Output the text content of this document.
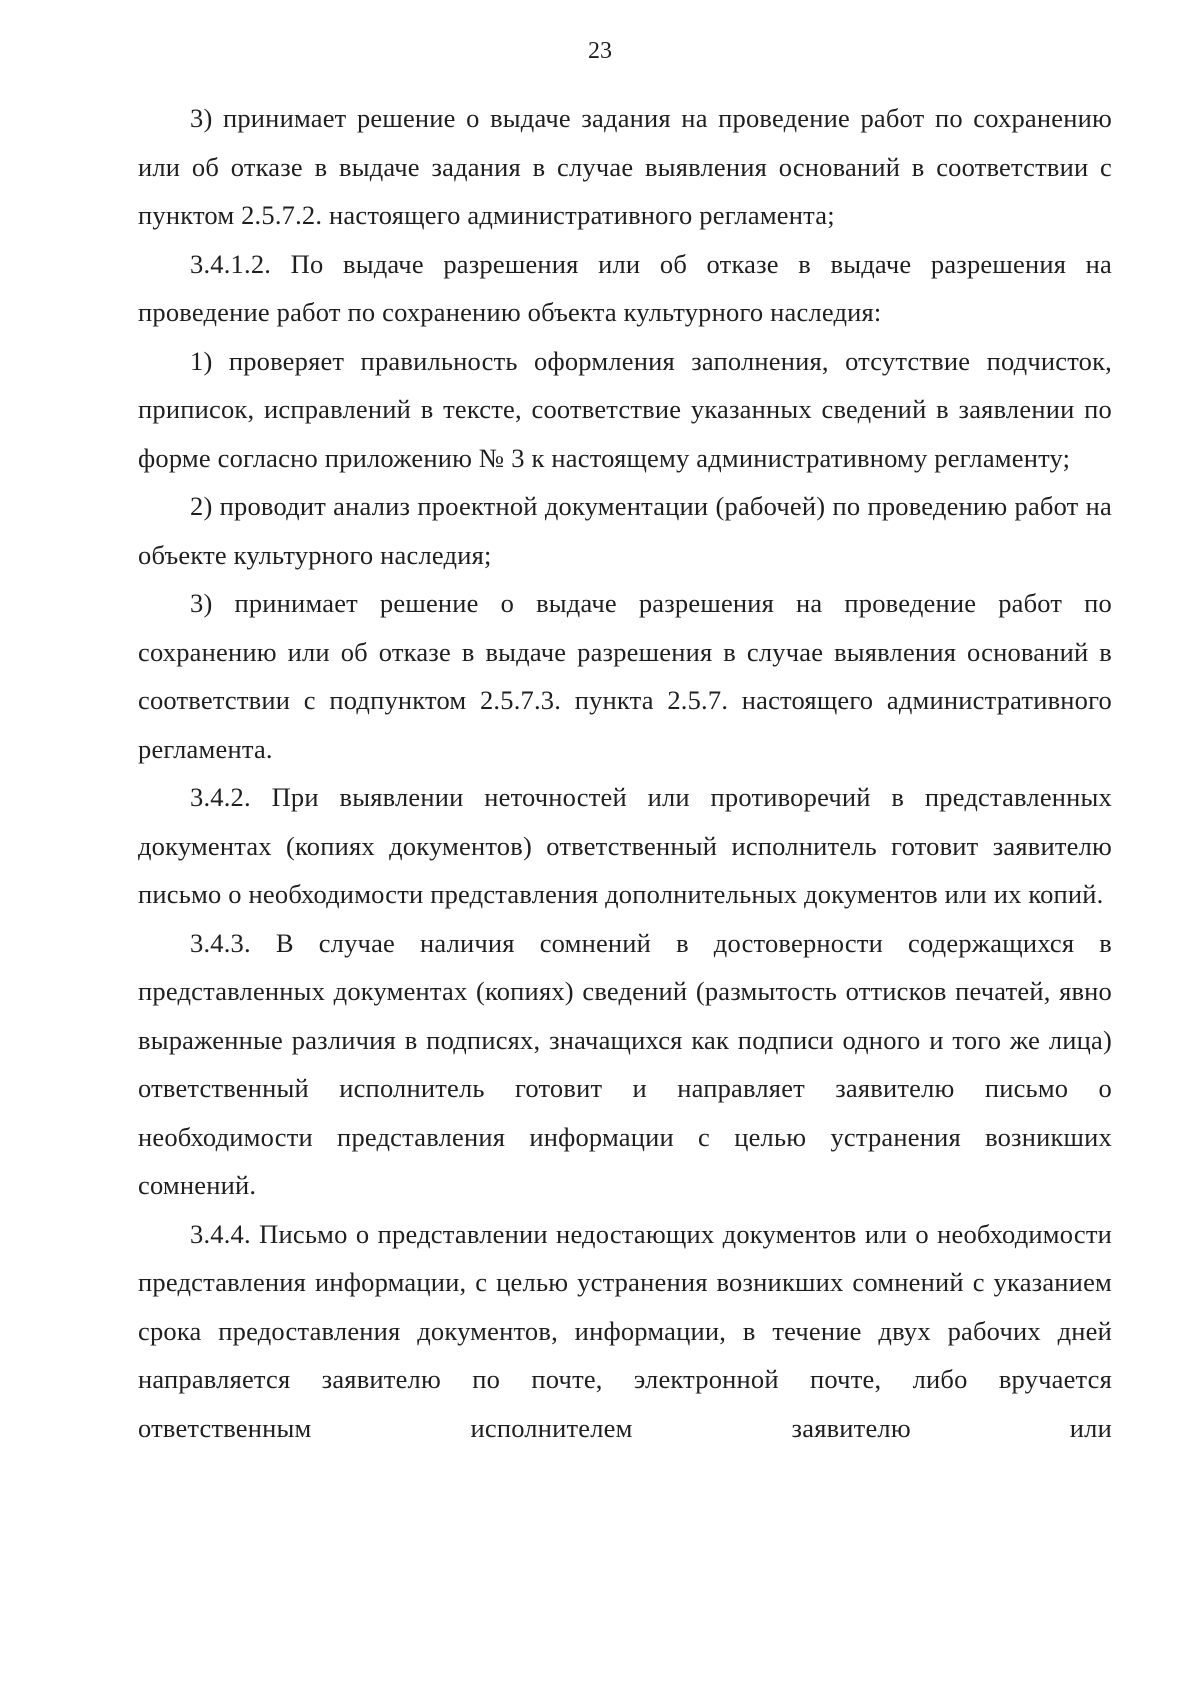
23

3) принимает решение о выдаче задания на проведение работ по сохранению или об отказе в выдаче задания в случае выявления оснований в соответствии с пунктом 2.5.7.2. настоящего административного регламента;

3.4.1.2. По выдаче разрешения или об отказе в выдаче разрешения на проведение работ по сохранению объекта культурного наследия:

1) проверяет правильность оформления заполнения, отсутствие подчисток, приписок, исправлений в тексте, соответствие указанных сведений в заявлении по форме согласно приложению № 3 к настоящему административному регламенту;

2) проводит анализ проектной документации (рабочей) по проведению работ на объекте культурного наследия;

3) принимает решение о выдаче разрешения на проведение работ по сохранению или об отказе в выдаче разрешения в случае выявления оснований в соответствии с подпунктом 2.5.7.3. пункта 2.5.7. настоящего административного регламента.

3.4.2. При выявлении неточностей или противоречий в представленных документах (копиях документов) ответственный исполнитель готовит заявителю письмо о необходимости представления дополнительных документов или их копий.

3.4.3. В случае наличия сомнений в достоверности содержащихся в представленных документах (копиях) сведений (размытость оттисков печатей, явно выраженные различия в подписях, значащихся как подписи одного и того же лица) ответственный исполнитель готовит и направляет заявителю письмо о необходимости представления информации с целью устранения возникших сомнений.

3.4.4. Письмо о представлении недостающих документов или о необходимости представления информации, с целью устранения возникших сомнений с указанием срока предоставления документов, информации, в течение двух рабочих дней направляется заявителю по почте, электронной почте, либо вручается ответственным исполнителем заявителю или
